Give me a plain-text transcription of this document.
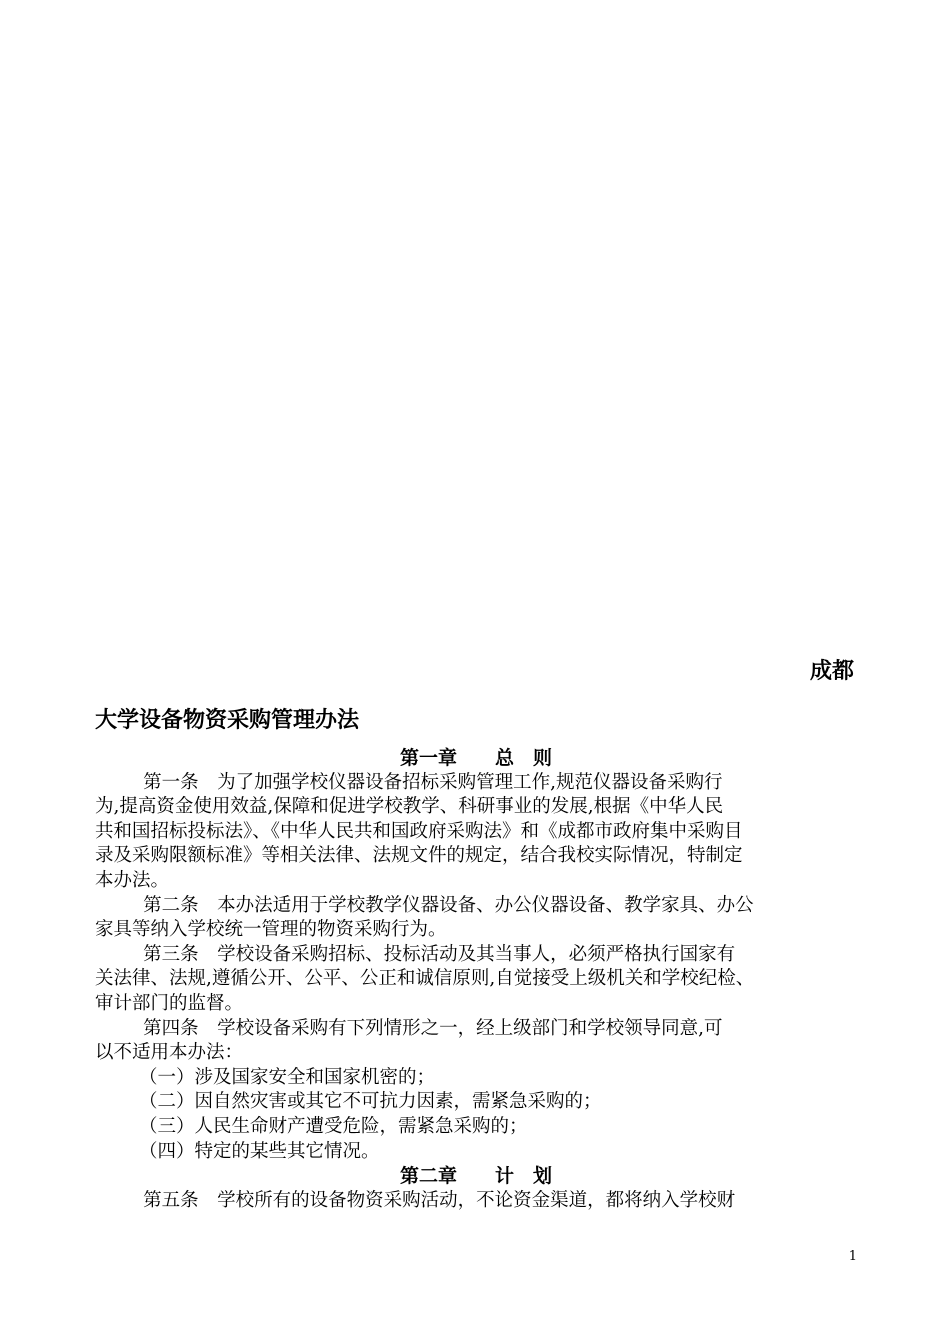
成都
大学设备物资采购管理办法
第一章　　总　则
第一条　为了加强学校仪器设备招标采购管理工作,规范仪器设备采购行
为,提高资金使用效益,保障和促进学校教学、科研事业的发展,根据《中华人民
共和国招标投标法》、《中华人民共和国政府采购法》和《成都市政府集中采购目
录及采购限额标准》等相关法律、法规文件的规定，结合我校实际情况，特制定
本办法。
第二条　本办法适用于学校教学仪器设备、办公仪器设备、教学家具、办公
家具等纳入学校统一管理的物资采购行为。
第三条　学校设备采购招标、投标活动及其当事人，必须严格执行国家有
关法律、法规,遵循公开、公平、公正和诚信原则,自觉接受上级机关和学校纪检、
审计部门的监督。
第四条　学校设备采购有下列情形之一，经上级部门和学校领导同意,可
以不适用本办法：
（一）涉及国家安全和国家机密的；
（二）因自然灾害或其它不可抗力因素，需紧急采购的；
（三）人民生命财产遭受危险，需紧急采购的；
（四）特定的某些其它情况。
第二章　　计　划
第五条　学校所有的设备物资采购活动，不论资金渠道，都将纳入学校财
1
